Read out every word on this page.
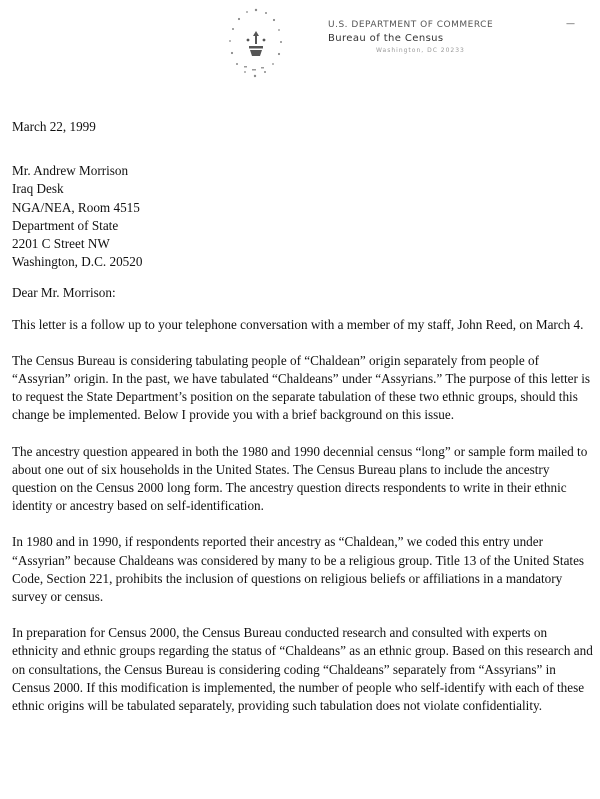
U.S. DEPARTMENT OF COMMERCE
Bureau of the Census
Washington, DC 20233
—

March 22, 1999

Mr. Andrew Morrison
Iraq Desk
NGA/NEA, Room 4515
Department of State
2201 C Street NW
Washington, D.C. 20520

Dear Mr. Morrison:

This letter is a follow up to your telephone conversation with a member of my staff, John Reed, on March 4.

The Census Bureau is considering tabulating people of “Chaldean” origin separately from people of “Assyrian” origin. In the past, we have tabulated “Chaldeans” under “Assyrians.” The purpose of this letter is to request the State Department’s position on the separate tabulation of these two ethnic groups, should this change be implemented. Below I provide you with a brief background on this issue.

The ancestry question appeared in both the 1980 and 1990 decennial census “long” or sample form mailed to about one out of six households in the United States. The Census Bureau plans to include the ancestry question on the Census 2000 long form. The ancestry question directs respondents to write in their ethnic identity or ancestry based on self-identification.

In 1980 and in 1990, if respondents reported their ancestry as “Chaldean,” we coded this entry under “Assyrian” because Chaldeans was considered by many to be a religious group. Title 13 of the United States Code, Section 221, prohibits the inclusion of questions on religious beliefs or affiliations in a mandatory survey or census.

In preparation for Census 2000, the Census Bureau conducted research and consulted with experts on ethnicity and ethnic groups regarding the status of “Chaldeans” as an ethnic group. Based on this research and on consultations, the Census Bureau is considering coding “Chaldeans” separately from “Assyrians” in Census 2000. If this modification is implemented, the number of people who self-identify with each of these ethnic origins will be tabulated separately, providing such tabulation does not violate confidentiality.
